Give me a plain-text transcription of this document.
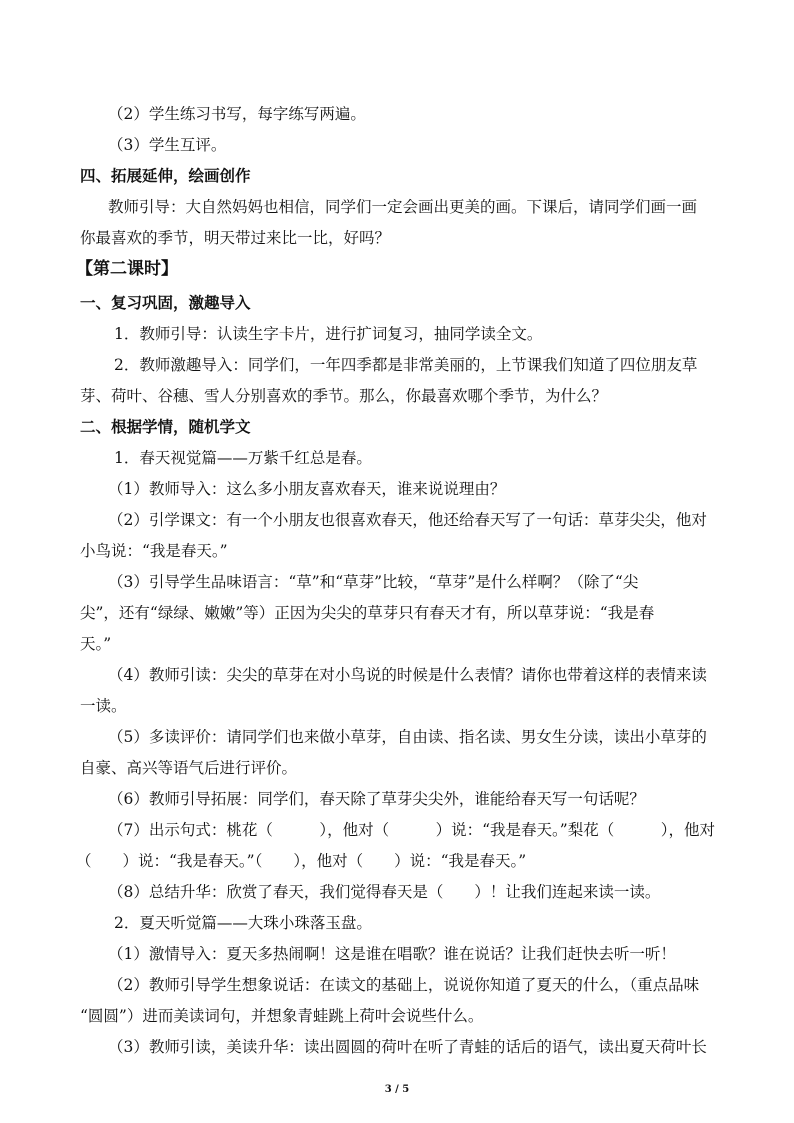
（2）学生练习书写，每字练写两遍。
（3）学生互评。
四、拓展延伸，绘画创作
教师引导：大自然妈妈也相信，同学们一定会画出更美的画。下课后，请同学们画一画
你最喜欢的季节，明天带过来比一比，好吗？
【第二课时】
一、复习巩固，激趣导入
1．教师引导：认读生字卡片，进行扩词复习，抽同学读全文。
2．教师激趣导入：同学们，一年四季都是非常美丽的，上节课我们知道了四位朋友草
芽、荷叶、谷穗、雪人分别喜欢的季节。那么，你最喜欢哪个季节，为什么？
二、根据学情，随机学文
1．春天视觉篇——万紫千红总是春。
（1）教师导入：这么多小朋友喜欢春天，谁来说说理由？
（2）引学课文：有一个小朋友也很喜欢春天，他还给春天写了一句话：草芽尖尖，他对
小鸟说：“我是春天。”
（3）引导学生品味语言：“草”和“草芽”比较，“草芽”是什么样啊？（除了“尖
尖”，还有“绿绿、嫩嫩”等）正因为尖尖的草芽只有春天才有，所以草芽说：“我是春
天。”
（4）教师引读：尖尖的草芽在对小鸟说的时候是什么表情？请你也带着这样的表情来读
一读。
（5）多读评价：请同学们也来做小草芽，自由读、指名读、男女生分读，读出小草芽的
自豪、高兴等语气后进行评价。
（6）教师引导拓展：同学们，春天除了草芽尖尖外，谁能给春天写一句话呢？
（7）出示句式：桃花（　　　），他对（　　　）说：“我是春天。”梨花（　　　），他对
（　　）说：“我是春天。”（　　），他对（　　）说：“我是春天。”
（8）总结升华：欣赏了春天，我们觉得春天是（　　）！让我们连起来读一读。
2．夏天听觉篇——大珠小珠落玉盘。
（1）激情导入：夏天多热闹啊！这是谁在唱歌？谁在说话？让我们赶快去听一听！
（2）教师引导学生想象说话：在读文的基础上，说说你知道了夏天的什么，（重点品味
“圆圆”）进而美读词句，并想象青蛙跳上荷叶会说些什么。
（3）教师引读，美读升华：读出圆圆的荷叶在听了青蛙的话后的语气，读出夏天荷叶长
3 / 5
